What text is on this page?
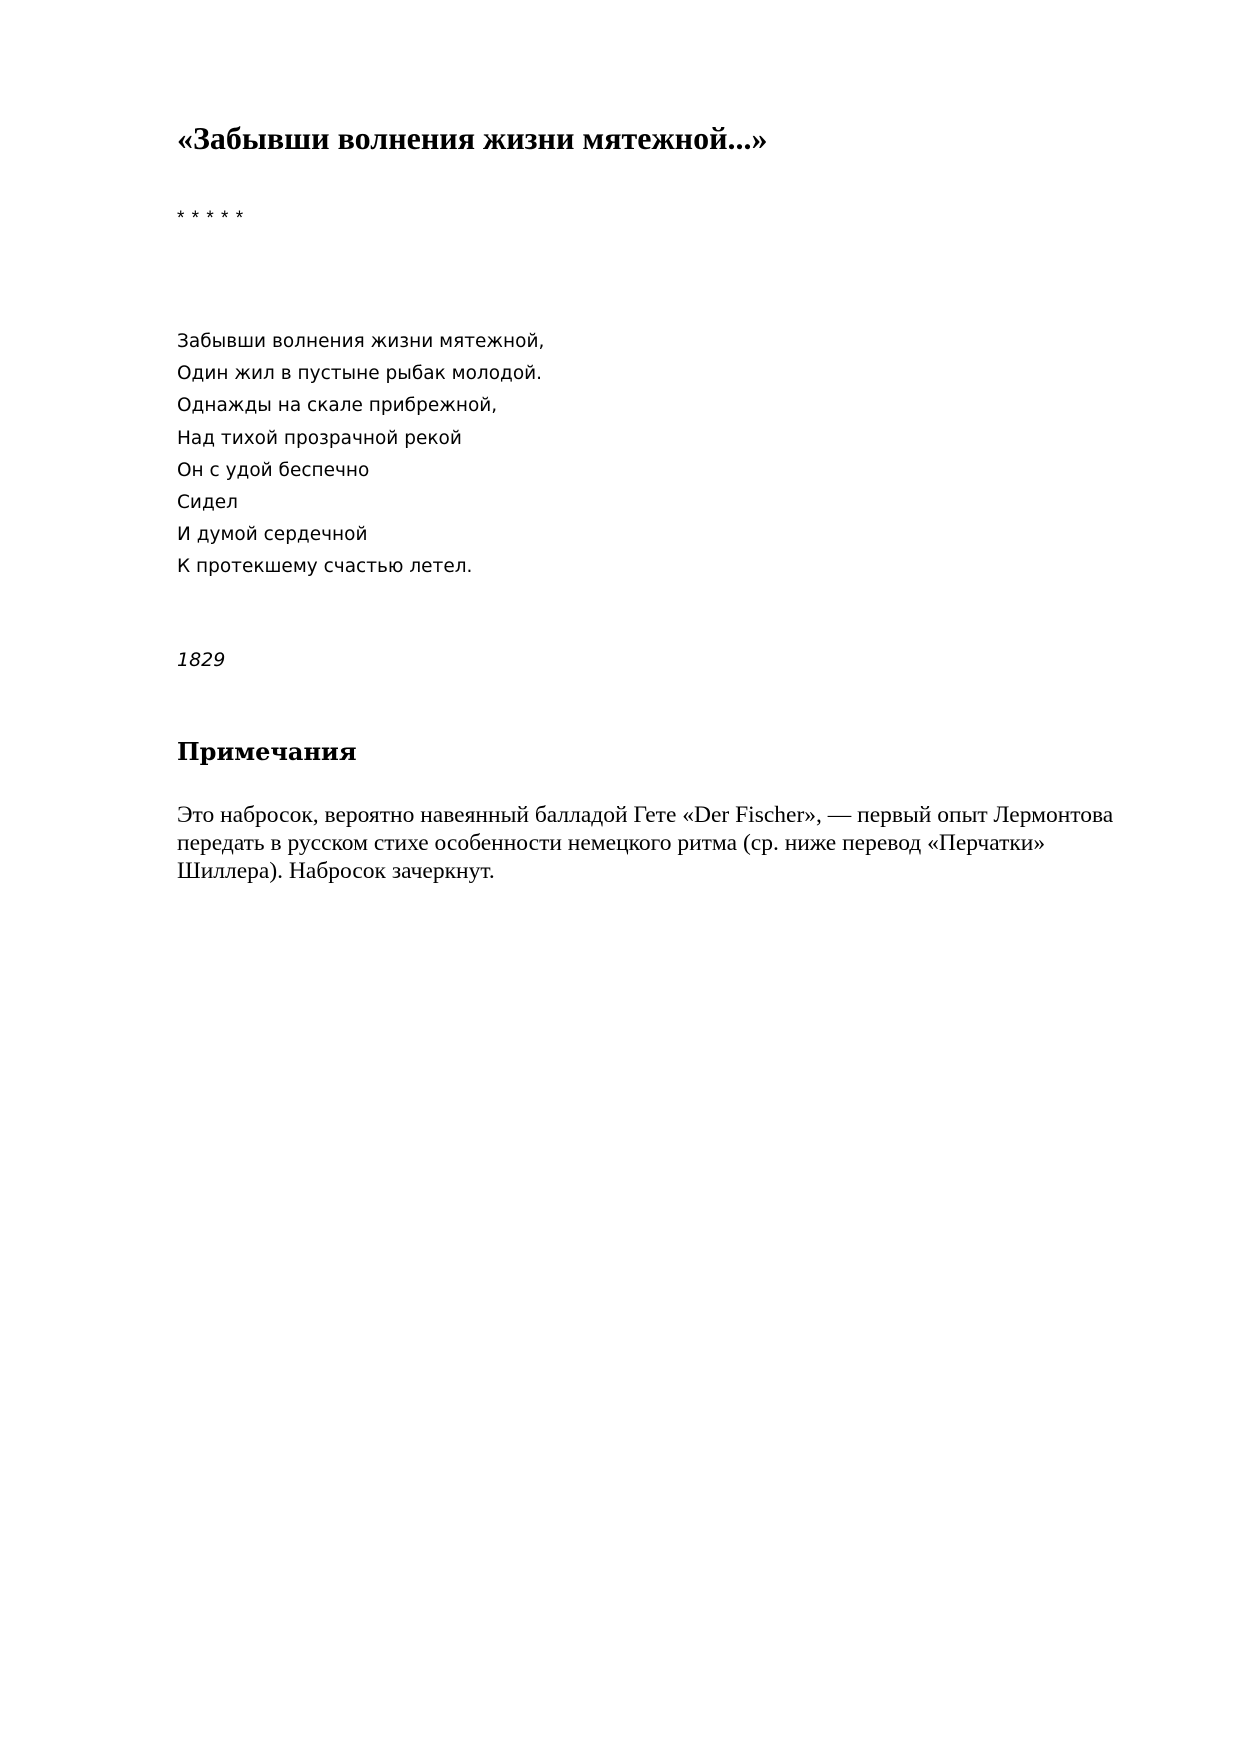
«Забывши волнения жизни мятежной...»
* * * * *
Забывши волнения жизни мятежной,
Один жил в пустыне рыбак молодой.
Однажды на скале прибрежной,
Над тихой прозрачной рекой
Он с удой беспечно
Сидел
И думой сердечной
К протекшему счастью летел.
1829
Примечания

Это набросок, вероятно навеянный балладой Гете «Der Fischer», — первый опыт Лермонтова передать в русском стихе особенности немецкого ритма (ср. ниже перевод «Перчатки» Шиллера). Набросок зачеркнут.
